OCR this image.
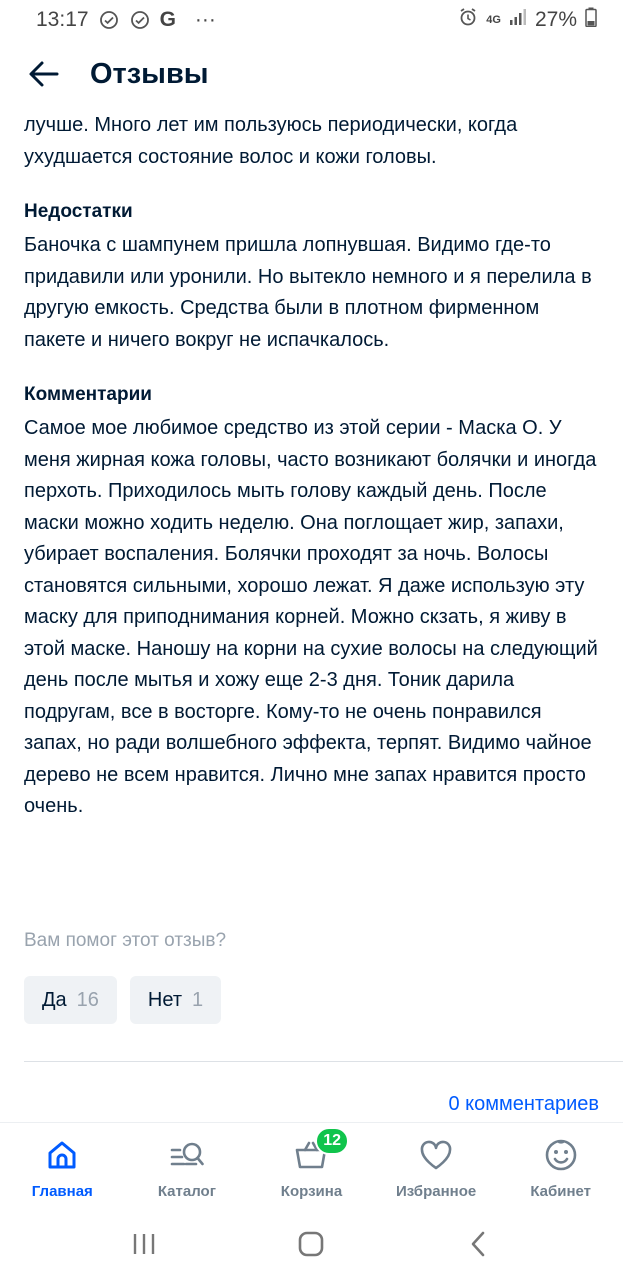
13:17	G ···	4G 27%
Отзывы

лучше. Много лет им пользуюсь периодически, когда ухудшается состояние волос и кожи головы.

Недостатки

Баночка с шампунем пришла лопнувшая. Видимо где-то придавили или уронили. Но вытекло немного и я перелила в другую емкость. Средства были в плотном фирменном пакете и ничего вокруг не испачкалось.

Комментарии

Самое мое любимое средство из этой серии - Маска О. У меня жирная кожа головы, часто возникают болячки и иногда перхоть. Приходилось мыть голову каждый день. После маски можно ходить неделю. Она поглощает жир, запахи, убирает воспаления. Болячки проходят за ночь. Волосы становятся сильными, хорошо лежат. Я даже использую эту маску для приподнимания корней. Можно скзать, я живу в этой маске. Наношу на корни на сухие волосы на следующий день после мытья и хожу еще 2-3 дня. Тоник дарила подругам, все в восторге. Кому-то не очень понравился запах, но ради волшебного эффекта, терпят. Видимо чайное дерево не всем нравится. Лично мне запах нравится просто очень.

Вам помог этот отзыв?
Да 16 Нет 1
0 комментариев
Главная	Каталог
12
Корзина	Избранное	Кабинет
